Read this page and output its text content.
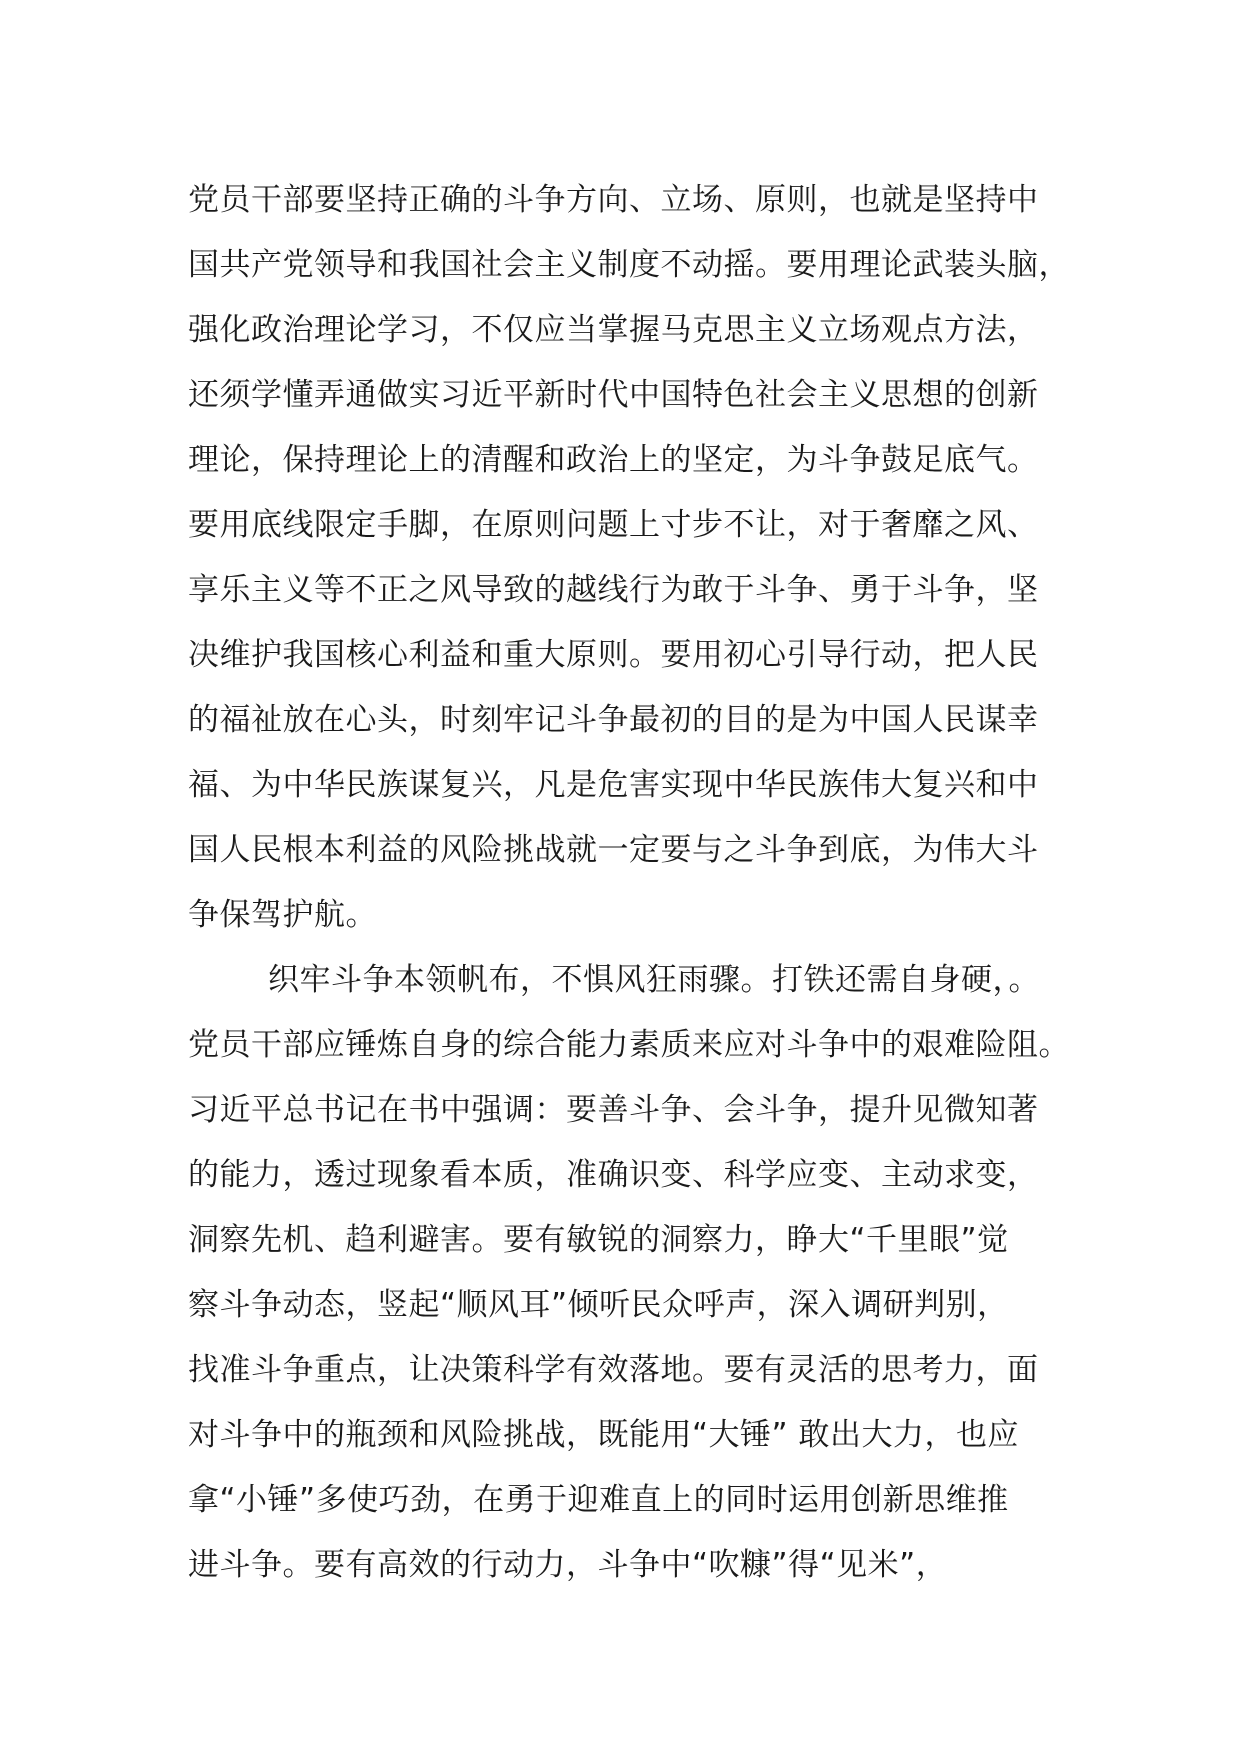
党员干部要坚持正确的斗争方向、立场、原则，也就是坚持中
国共产党领导和我国社会主义制度不动摇。要用理论武装头脑，
强化政治理论学习，不仅应当掌握马克思主义立场观点方法，
还须学懂弄通做实习近平新时代中国特色社会主义思想的创新
理论，保持理论上的清醒和政治上的坚定，为斗争鼓足底气。
要用底线限定手脚，在原则问题上寸步不让，对于奢靡之风、
享乐主义等不正之风导致的越线行为敢于斗争、勇于斗争，坚
决维护我国核心利益和重大原则。要用初心引导行动，把人民
的福祉放在心头，时刻牢记斗争最初的目的是为中国人民谋幸
福、为中华民族谋复兴，凡是危害实现中华民族伟大复兴和中
国人民根本利益的风险挑战就一定要与之斗争到底，为伟大斗
争保驾护航。
织牢斗争本领帆布，不惧风狂雨骤。打铁还需自身硬，。
党员干部应锤炼自身的综合能力素质来应对斗争中的艰难险阻。
习近平总书记在书中强调：要善斗争、会斗争，提升见微知著
的能力，透过现象看本质，准确识变、科学应变、主动求变，
洞察先机、趋利避害。要有敏锐的洞察力，睁大“千里眼”觉
察斗争动态，竖起“顺风耳”倾听民众呼声，深入调研判别，
找准斗争重点，让决策科学有效落地。要有灵活的思考力，面
对斗争中的瓶颈和风险挑战，既能用“大锤” 敢出大力，也应
拿“小锤”多使巧劲，在勇于迎难直上的同时运用创新思维推
进斗争。要有高效的行动力，斗争中“吹糠”得“见米”，
